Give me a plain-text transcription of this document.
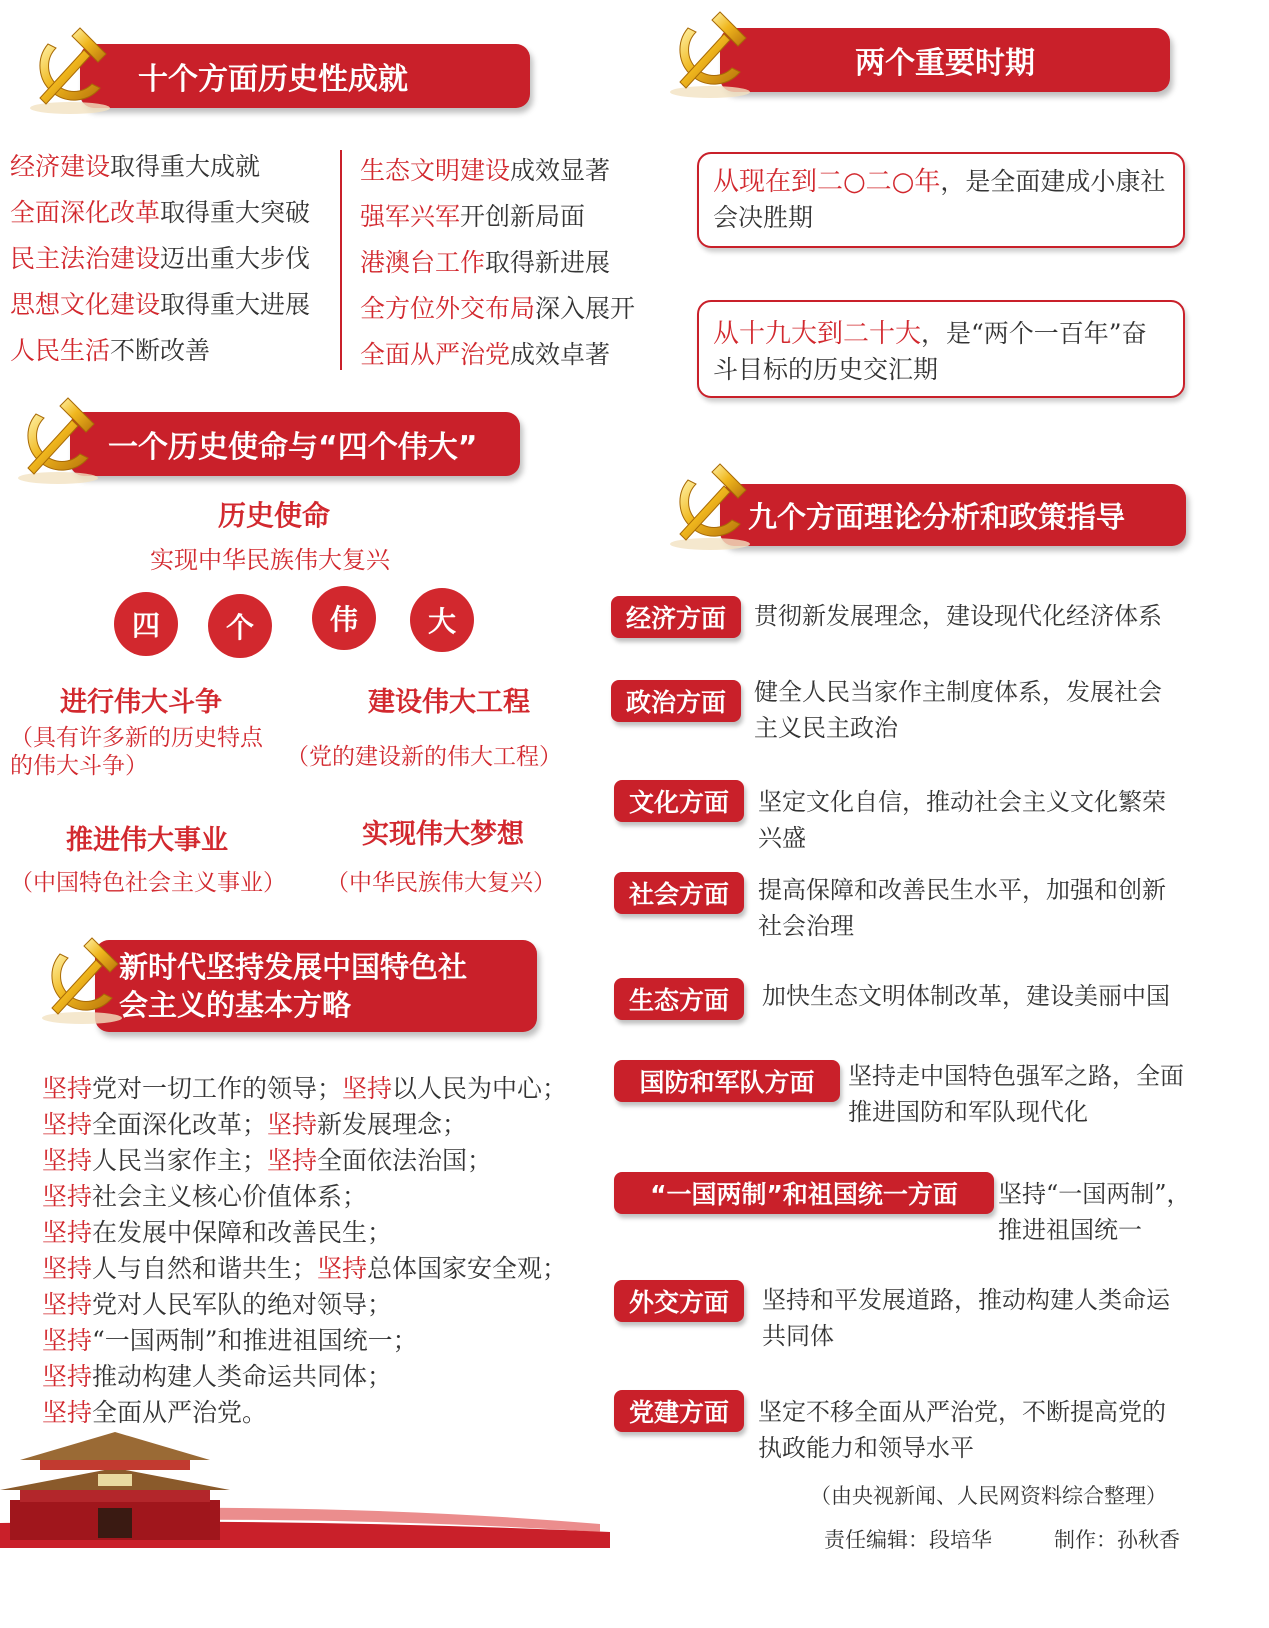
十个方面历史性成就
经济建设取得重大成就
全面深化改革取得重大突破
民主法治建设迈出重大步伐
思想文化建设取得重大进展
人民生活不断改善
生态文明建设成效显著
强军兴军开创新局面
港澳台工作取得新进展
全方位外交布局深入展开
全面从严治党成效卓著
两个重要时期
从现在到二○二○年，是全面建成小康社会决胜期
从十九大到二十大，是“两个一百年”奋斗目标的历史交汇期
一个历史使命与“四个伟大”
历史使命
实现中华民族伟大复兴
四	个	伟	大
进行伟大斗争
（具有许多新的历史特点的伟大斗争）
建设伟大工程
（党的建设新的伟大工程）
推进伟大事业
（中国特色社会主义事业）
实现伟大梦想
（中华民族伟大复兴）
新时代坚持发展中国特色社
会主义的基本方略
坚持党对一切工作的领导；坚持以人民为中心；
坚持全面深化改革；坚持新发展理念；
坚持人民当家作主；坚持全面依法治国；
坚持社会主义核心价值体系；
坚持在发展中保障和改善民生；
坚持人与自然和谐共生；坚持总体国家安全观；
坚持党对人民军队的绝对领导；
坚持“一国两制”和推进祖国统一；
坚持推动构建人类命运共同体；
坚持全面从严治党。
九个方面理论分析和政策指导
经济方面	贯彻新发展理念，建设现代化经济体系
政治方面	健全人民当家作主制度体系，发展社会
主义民主政治
文化方面	坚定文化自信，推动社会主义文化繁荣
兴盛
社会方面	提高保障和改善民生水平，加强和创新
社会治理
生态方面	加快生态文明体制改革，建设美丽中国
国防和军队方面	坚持走中国特色强军之路，全面
推进国防和军队现代化
“一国两制”和祖国统一方面	坚持“一国两制”，
推进祖国统一
外交方面	坚持和平发展道路，推动构建人类命运
共同体
党建方面	坚定不移全面从严治党，不断提高党的
执政能力和领导水平
（由央视新闻、人民网资料综合整理）
责任编辑：段培华	制作：孙秋香
